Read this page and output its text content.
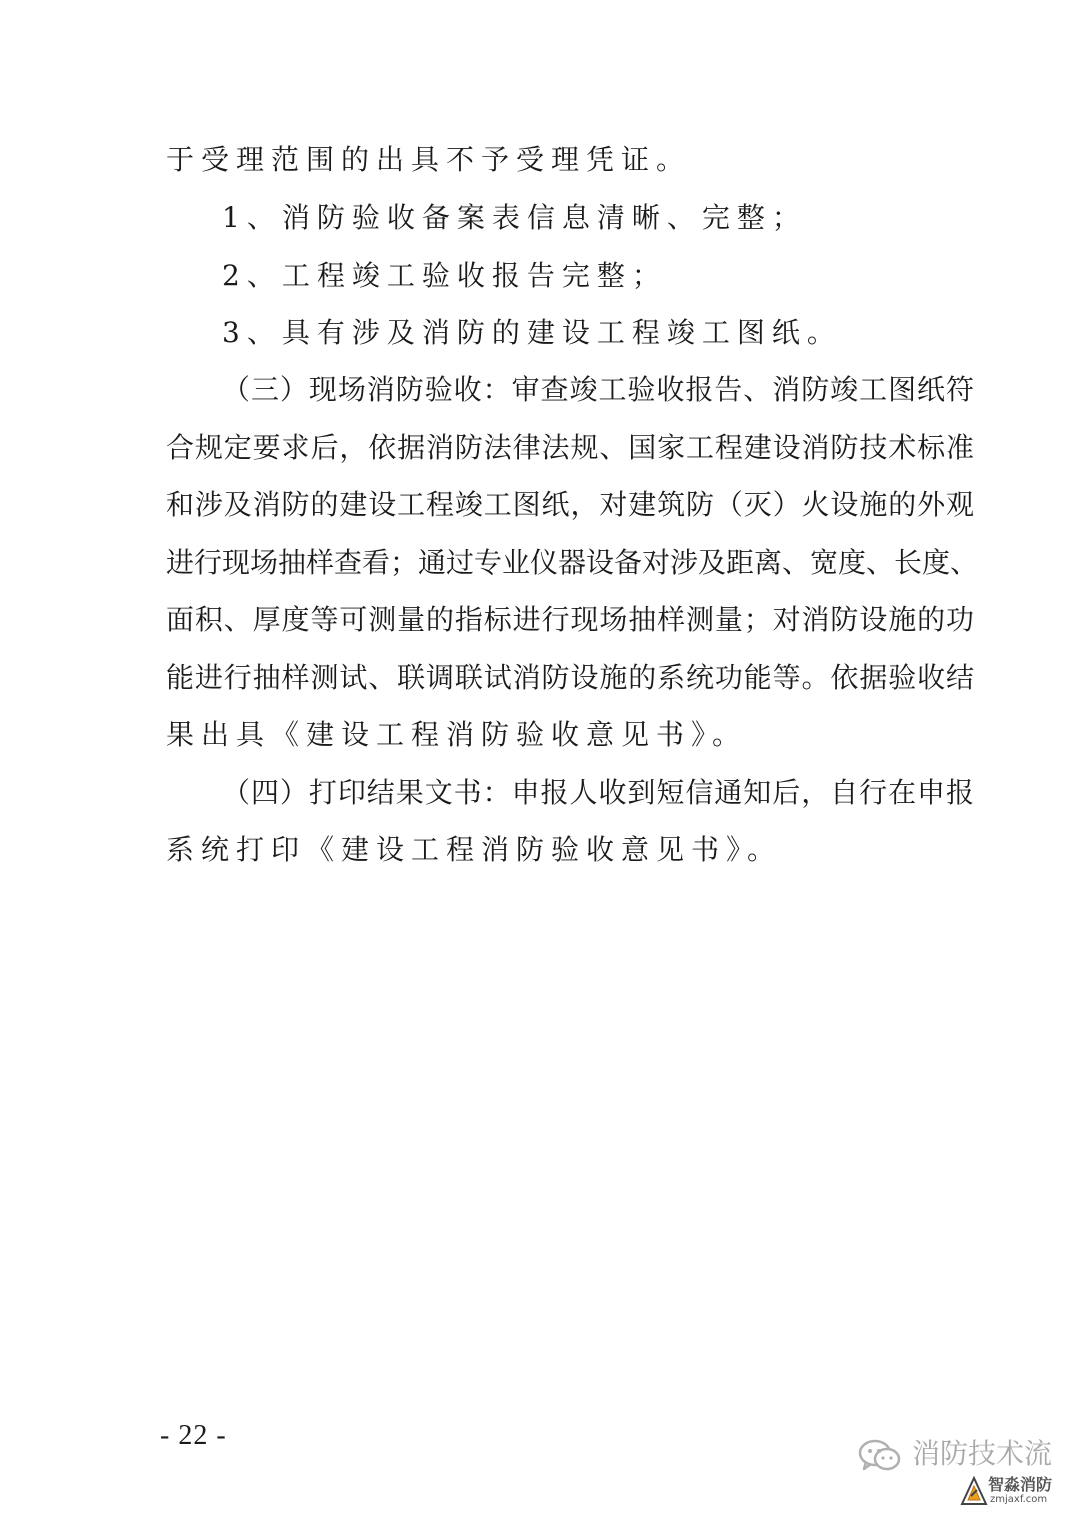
于受理范围的出具不予受理凭证。
1、消防验收备案表信息清晰、完整；
2、工程竣工验收报告完整；
3、具有涉及消防的建设工程竣工图纸。
（三）现场消防验收：审查竣工验收报告、消防竣工图纸符
合规定要求后，依据消防法律法规、国家工程建设消防技术标准
和涉及消防的建设工程竣工图纸，对建筑防（灭）火设施的外观
进行现场抽样查看；通过专业仪器设备对涉及距离、宽度、长度、
面积、厚度等可测量的指标进行现场抽样测量；对消防设施的功
能进行抽样测试、联调联试消防设施的系统功能等。依据验收结
果出具《建设工程消防验收意见书》。
（四）打印结果文书：申报人收到短信通知后，自行在申报
系统打印《建设工程消防验收意见书》。
- 22 -
消防技术流
智淼消防
zmjaxf.com
